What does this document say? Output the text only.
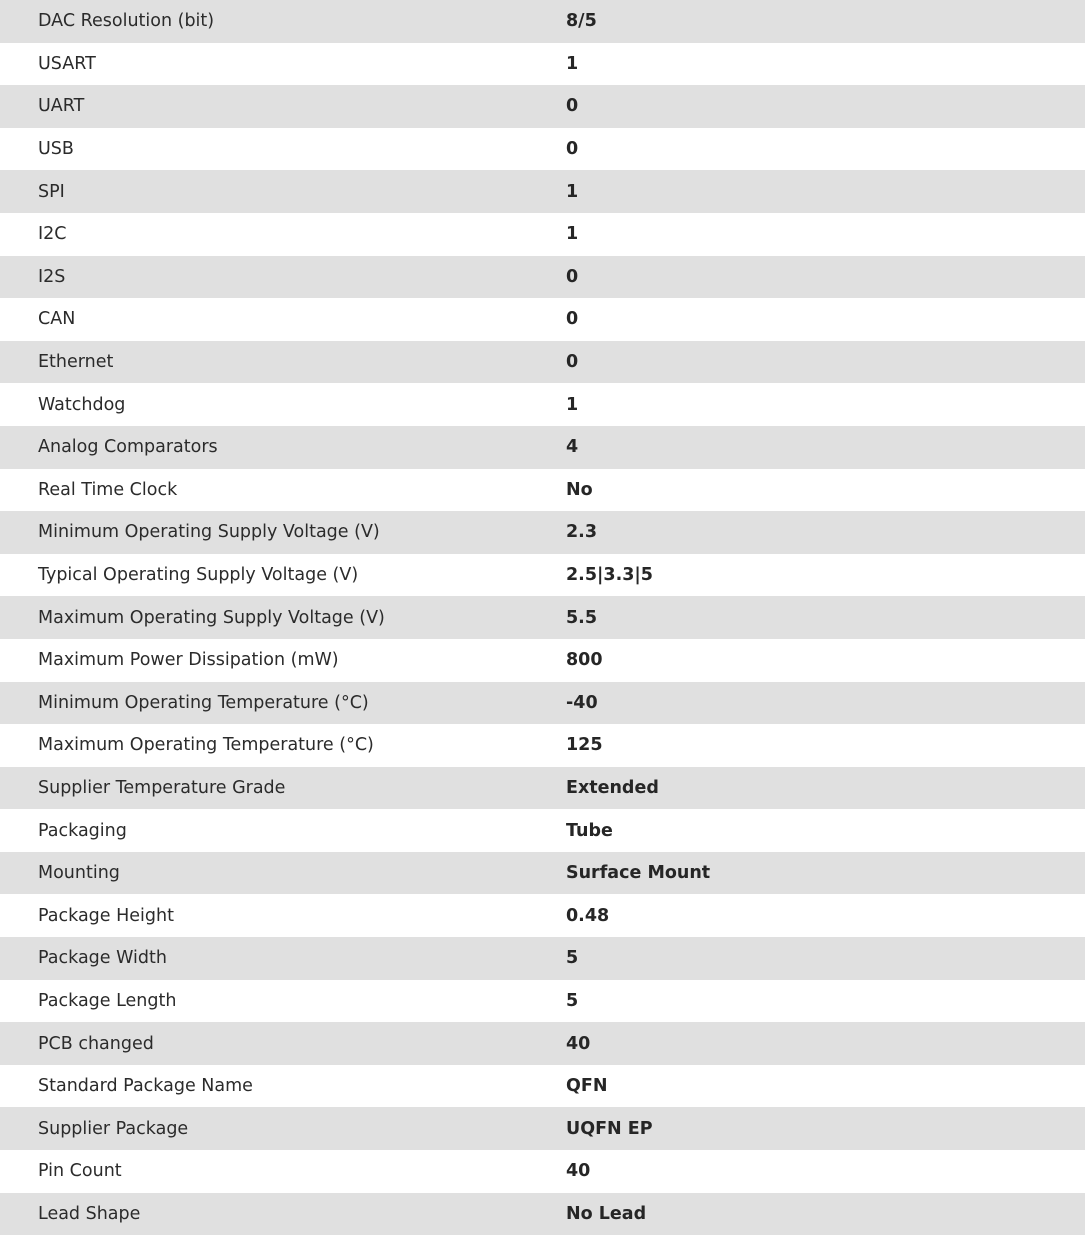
DAC Resolution (bit)	8/5
USART	1
UART	0
USB	0
SPI	1
I2C	1
I2S	0
CAN	0
Ethernet	0
Watchdog	1
Analog Comparators	4
Real Time Clock	No
Minimum Operating Supply Voltage (V)	2.3
Typical Operating Supply Voltage (V)	2.5|3.3|5
Maximum Operating Supply Voltage (V)	5.5
Maximum Power Dissipation (mW)	800
Minimum Operating Temperature (°C)	-40
Maximum Operating Temperature (°C)	125
Supplier Temperature Grade	Extended
Packaging	Tube
Mounting	Surface Mount
Package Height	0.48
Package Width	5
Package Length	5
PCB changed	40
Standard Package Name	QFN
Supplier Package	UQFN EP
Pin Count	40
Lead Shape	No Lead
